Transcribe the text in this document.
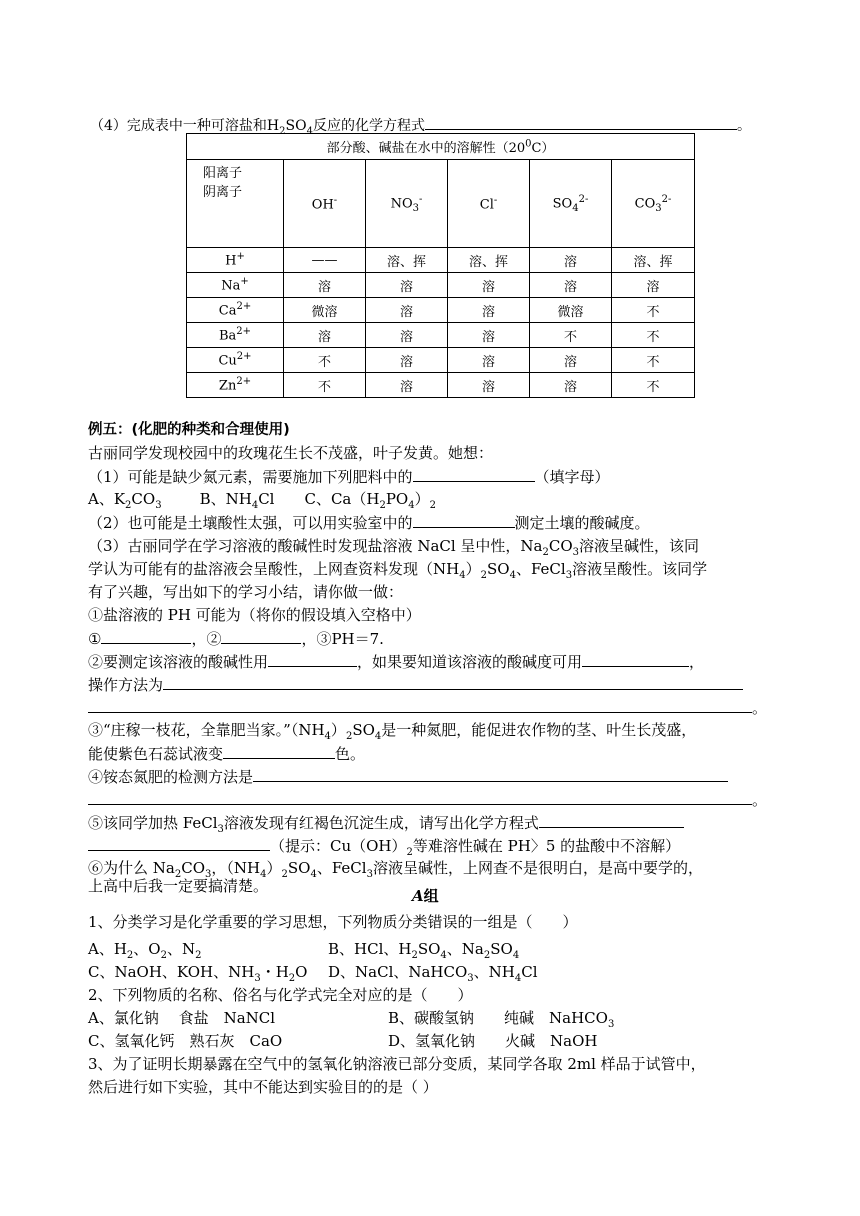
（4）完成表中一种可溶盐和$H_2SO_4$反应的化学方程式	。
部分酸、碱盐在水中的溶解性$(20^0C)$					

阳离子
阴离子	OH-	$NO_3^-$	Cl-	$SO_4^{2-}$	$CO_3^{2-}$
H+	——	溶、挥	溶、挥	溶	溶、挥
Na+	溶	溶	溶	溶	溶
$Ca^{2+}$	微溶	溶	溶	微溶	不
$Ba^{2+}$	溶	溶	溶	不	不
$Cu^{2+}$	不	溶	溶	溶	不
$Zn^{2+}$	不	溶	溶	溶	不
例五：(化肥的种类和合理使用)
古丽同学发现校园中的玫瑰花生长不茂盛，叶子发黄。她想：
（1）可能是缺少氮元素，需要施加下列肥料中的	（填字母）
A、$K_2CO_3$	B、$NH_4Cl$ C、$Ca(H_2PO_4)_2$
（2）也可能是土壤酸性太强，可以用实验室中的	测定土壤的酸碱度。
（3）古丽同学在学习溶液的酸碱性时发现盐溶液 NaCl 呈中性，$Na_2CO_3$溶液呈碱性，该同
学认为可能有的盐溶液会呈酸性，上网查资料发现$(NH_4)_2SO_4$、FeCl$_3$溶液呈酸性。该同学
有了兴趣，写出如下的学习小结，请你做一做：
①盐溶液的 PH 可能为（将你的假设填入空格中）
①	，②	，③PH＝7.
②要测定该溶液的酸碱性用	，如果要知道该溶液的酸碱度可用	，
操作方法为
。
③“庄稼一枝花，全靠肥当家。$”(NH_4)_2SO_4$是一种氮肥，能促进农作物的茎、叶生长茂盛，
能使紫色石蕊试液变	色。
④铵态氮肥的检测方法是
。
⑤该同学加热 FeCl$_3$溶液发现有红褐色沉淀生成，请写出化学方程式
（提示：$Cu(OH)_2$等难溶性碱在 PH〉5 的盐酸中不溶解）
⑥为什么 $Na_2CO_3$，$(NH_4)_2SO_4$、FeCl$_3$溶液呈碱性，上网查不是很明白，是高中要学的，
上高中后我一定要搞清楚。
A组
1、分类学习是化学重要的学习思想，下列物质分类错误的一组是（　　）
A、$H_2$、$O_2$、$N_2$	B、HCl、$H_2SO_4$、$Na_2SO_4$
C、NaOH、KOH、$NH_3$・$H_2O$ D、NaCl、NaHCO$_3$、$NH_4Cl$
2、下列物质的名称、俗名与化学式完全对应的是（　　）
A、氯化钠　 食盐　NaNCl	B、碳酸氢钠　　纯碱　NaHCO$_3$
C、氢氧化钙　熟石灰　CaO	D、氢氧化钠　　火碱　NaOH
3、为了证明长期暴露在空气中的氢氧化钠溶液已部分变质，某同学各取 2ml 样品于试管中，
然后进行如下实验，其中不能达到实验目的的是（ ）
